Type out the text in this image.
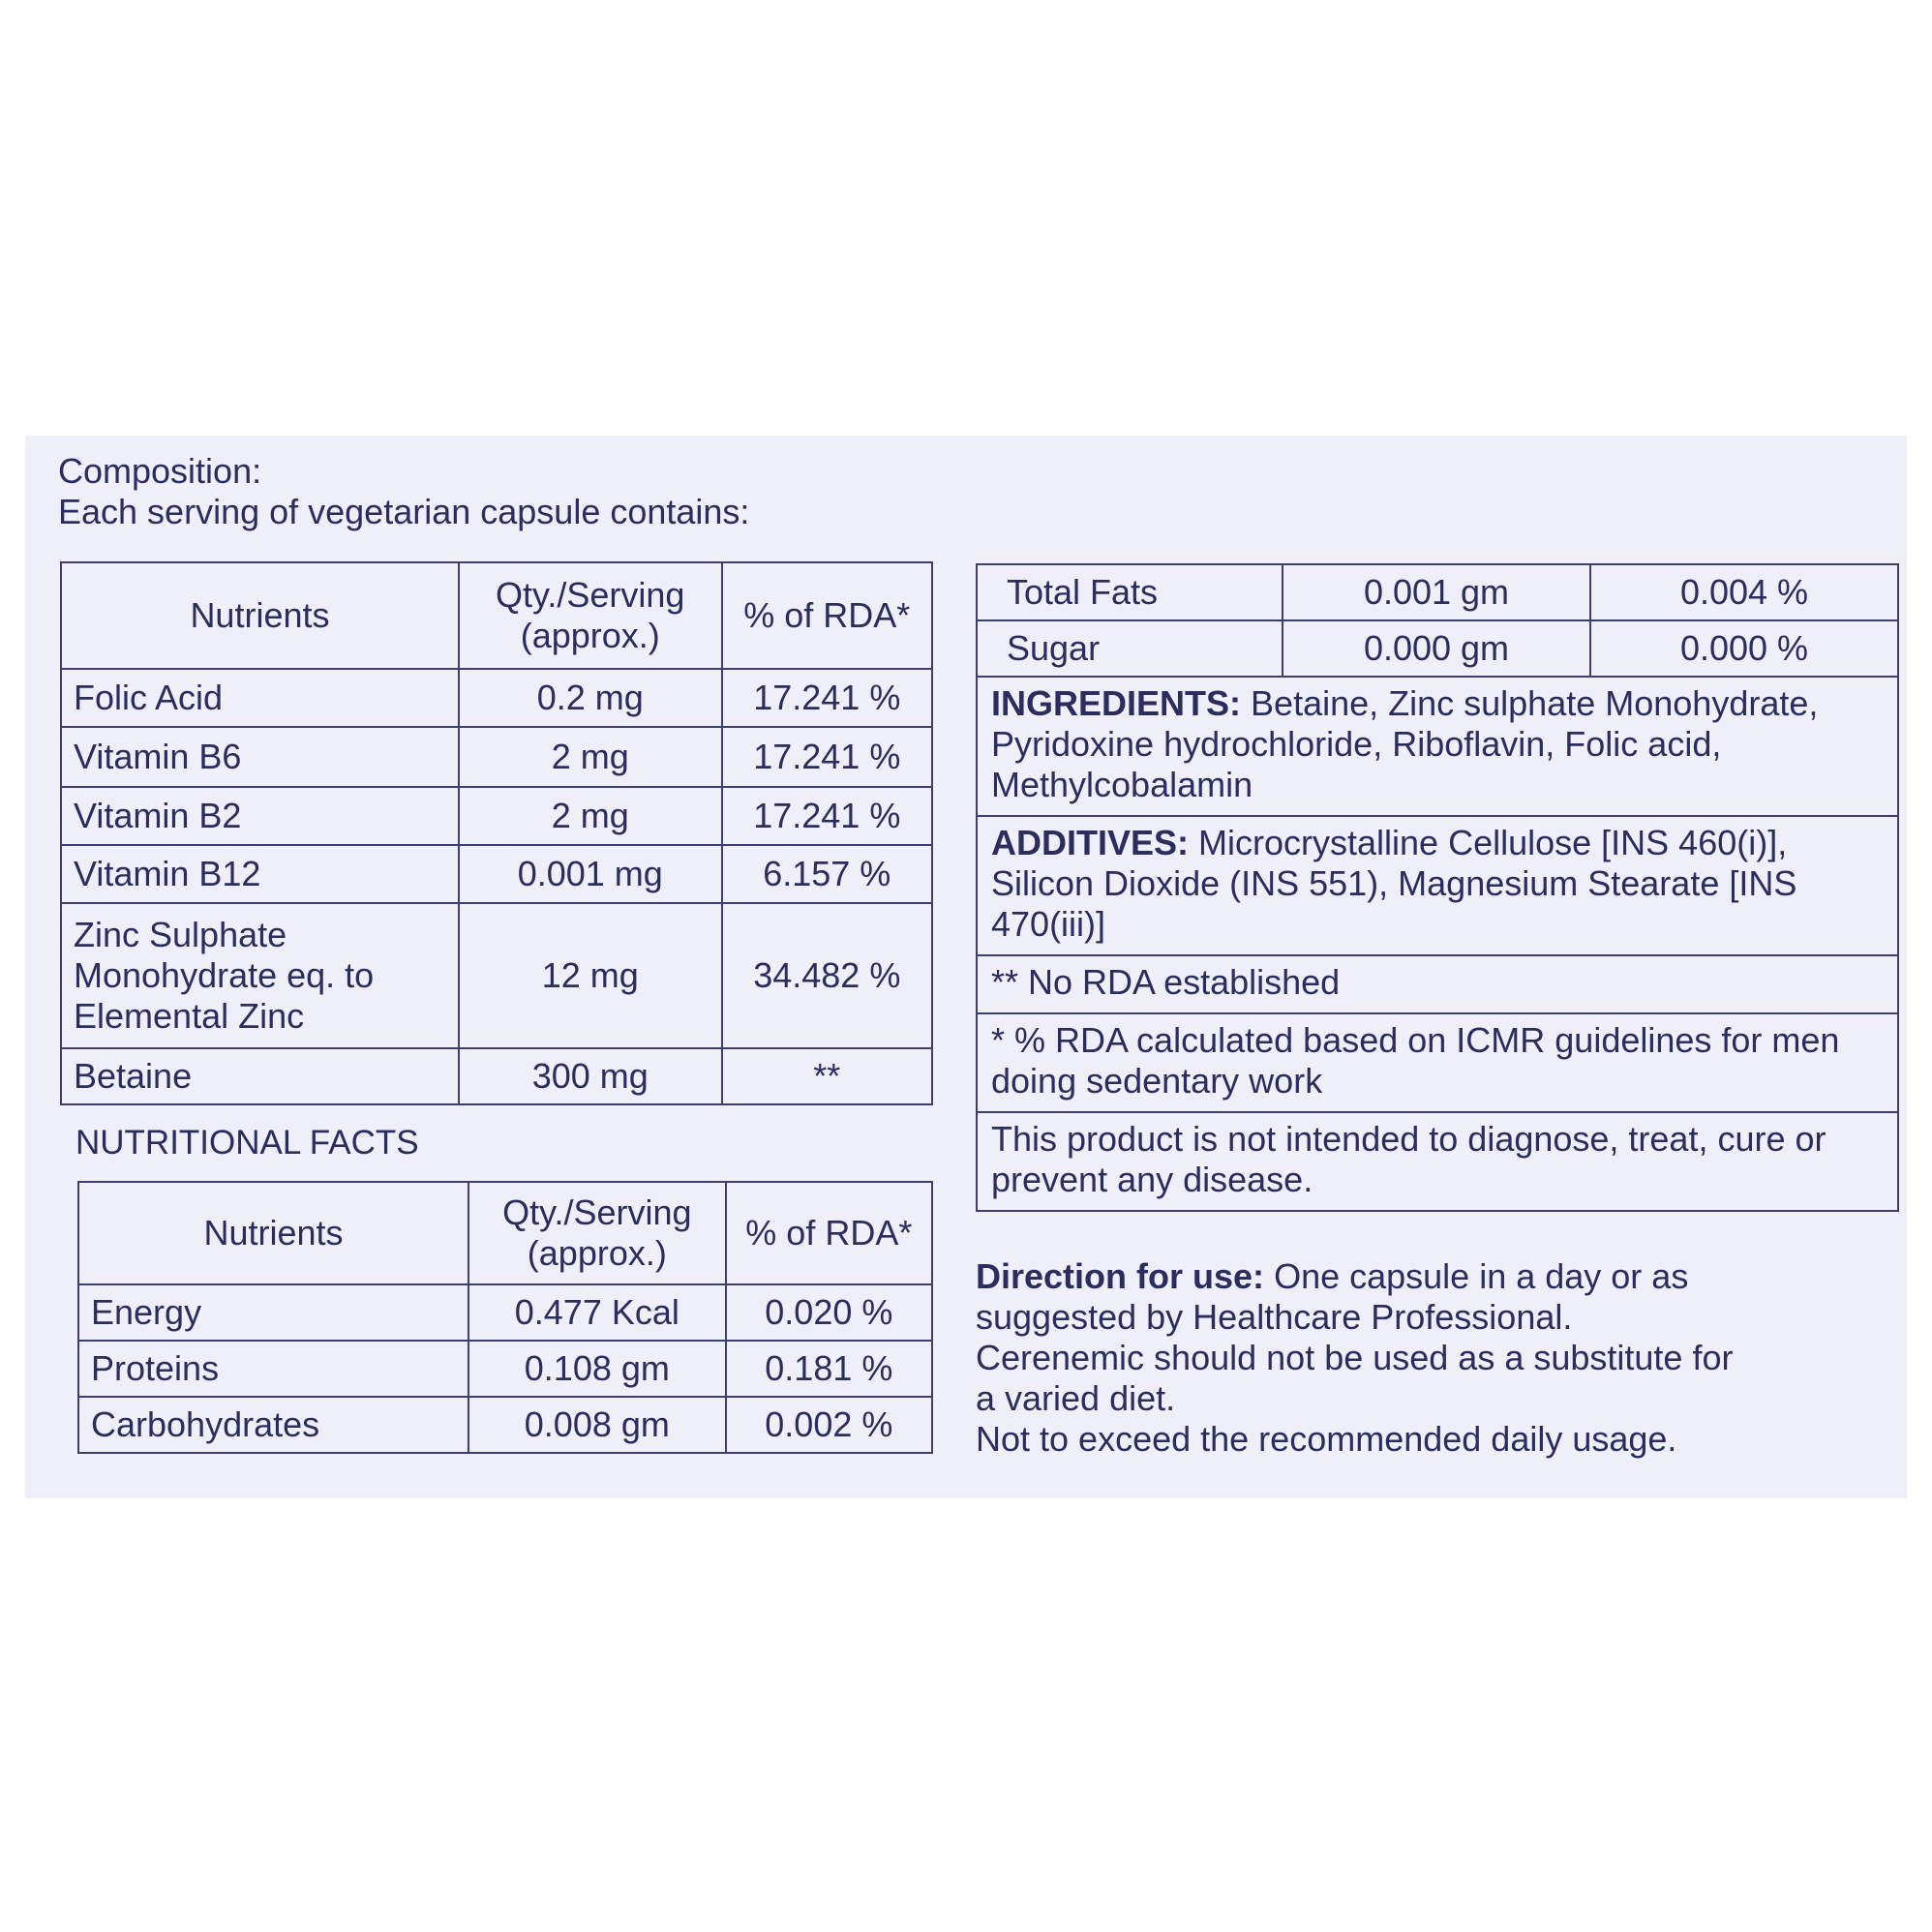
Composition:
Each serving of vegetarian capsule contains:
Nutrients	Qty./Serving (approx.)	% of RDA*
Folic Acid	0.2 mg	17.241 %
Vitamin B6	2 mg	17.241 %
Vitamin B2	2 mg	17.241 %
Vitamin B12	0.001 mg	6.157 %
Zinc Sulphate Monohydrate eq. to Elemental Zinc	12 mg	34.482 %
Betaine	300 mg	**
NUTRITIONAL FACTS
Nutrients	Qty./Serving (approx.)	% of RDA*
Energy	0.477 Kcal	0.020 %
Proteins	0.108 gm	0.181 %
Carbohydrates	0.008 gm	0.002 %
Total Fats	0.001 gm	0.004 %
Sugar	0.000 gm	0.000 %
INGREDIENTS: Betaine, Zinc sulphate Monohydrate, Pyridoxine hydrochloride, Riboflavin, Folic acid, Methylcobalamin
ADDITIVES: Microcrystalline Cellulose [INS 460(i)], Silicon Dioxide (INS 551), Magnesium Stearate [INS 470(iii)]
** No RDA established
* % RDA calculated based on ICMR guidelines for men doing sedentary work
This product is not intended to diagnose, treat, cure or prevent any disease.
Direction for use: One capsule in a day or as suggested by Healthcare Professional.
Cerenemic should not be used as a substitute for a varied diet.
Not to exceed the recommended daily usage.
